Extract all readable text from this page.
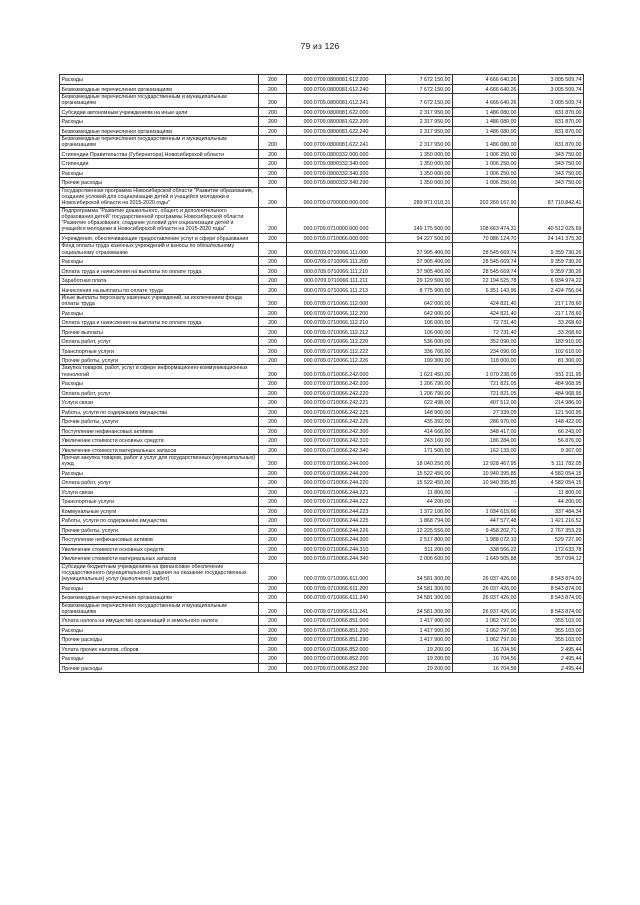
79 из 126
Расходы	200	000.0709.0800081.612.200	7 672 150,00	4 666 640,26	3 005 509,74
Безвозмездные перечисления организациям	200	000.0709.0800081.612.240	7 672 150,00	4 666 640,26	3 005 509,74
Безвозмездные перечисления государственным и муниципальным организациям	200	000.0709.0800081.612.241	7 672 150,00	4 666 640,26	3 005 509,74
Субсидии автономным учреждениям на иные цели	200	000.0709.0800081.622.000	2 317 950,00	1 486 080,00	831 870,00
Расходы	200	000.0709.0800081.622.200	2 317 950,00	1 486 080,00	831 870,00
Безвозмездные перечисления организациям	200	000.0709.0800081.622.240	2 317 950,00	1 486 080,00	831 870,00
Безвозмездные перечисления государственным и муниципальным организациям	200	000.0709.0800081.622.241	2 317 950,00	1 486 080,00	831 870,00
Стипендии Правительства (Губернатора) Новосибирской области	200	000.0709.0800332.000.000	1 350 000,00	1 006 250,00	343 750,00
Стипендии	200	000.0709.0800332.340.000	1 350 000,00	1 006 250,00	343 750,00
Расходы	200	000.0709.0800332.340.200	1 350 000,00	1 006 250,00	343 750,00
Прочие расходы	200	000.0709.0800332.340.290	1 350 000,00	1 006 250,00	343 750,00
Государственная программа Новосибирской области "Развитие образования, создание условий для социализации детей и учащейся молодежи в Новосибирской области на 2015-2020 годы"	200	000.0709.0700000.000.000	289 971 010,31	202 260 167,90	87 710 842,41
Подпрограмма "Развитие дошкольного, общего и дополнительного образования детей" государственной программы Новосибирской области "Развитие образования, создание условий для социализации детей и учащейся молодежи в Новосибирской области на 2015-2020 годы"	200	000.0709.0710000.000.000	149 175 500,00	108 663 474,31	40 512 025,69
Учреждения, обеспечивающие предоставление услуг в сфере образования	200	000.0709.0710066.000.000	94 227 500,00	70 086 124,70	24 141 375,30
Фонд оплаты труда казенных учреждений и взносы по обязательному социальному страхованию	200	000.0709.0710066.111.000	37 905 400,00	28 545 669,74	9 359 730,26
Расходы	200	000.0709.0710066.111.200	37 905 400,00	28 545 669,74	9 359 730,26
Оплата труда и начисления на выплаты по оплате труда	200	000.0709.0710066.111.210	37 905 400,00	28 545 669,74	9 359 730,26
Заработная плата	200	000.0709.0710066.111.211	29 129 500,00	22 194 525,78	6 934 974,22
Начисления на выплаты по оплате труда	200	000.0709.0710066.111.213	8 775 900,00	6 351 143,96	2 424 756,04
Иные выплаты персоналу казенных учреждений, за исключением фонда оплаты труда	200	000.0709.0710066.112.000	642 000,00	424 821,40	217 178,60
Расходы	200	000.0709.0710066.112.200	642 000,00	424 821,40	217 178,60
Оплата труда и начисления на выплаты по оплате труда	200	000.0709.0710066.112.210	106 000,00	72 731,40	33 268,60
Прочие выплаты	200	000.0709.0710066.112.212	106 000,00	72 731,40	33 268,60
Оплата работ, услуг	200	000.0709.0710066.112.220	536 000,00	352 090,00	183 910,00
Транспортные услуги	200	000.0709.0710066.112.222	336 700,00	234 090,00	102 610,00
Прочие работы, услуги	200	000.0709.0710066.112.226	199 300,00	118 000,00	81 300,00
Закупка товаров, работ, услуг в сфере информационно-коммуникационных технологий	200	000.0709.0710066.242.000	1 621 450,00	1 070 238,05	551 211,95
Расходы	200	000.0709.0710066.242.200	1 206 790,00	721 821,05	484 968,95
Оплата работ, услуг	200	000.0709.0710066.242.220	1 206 790,00	721 821,05	484 968,95
Услуги связи	200	000.0709.0710066.242.221	622 498,00	407 512,00	214 986,00
Работы, услуги по содержанию имущества	200	000.0709.0710066.242.225	148 900,00	27 339,05	121 560,95
Прочие работы, услуги	200	000.0709.0710066.242.226	435 392,00	286 970,00	148 422,00
Поступление нефинансовых активов	200	000.0709.0710066.242.300	414 660,00	348 417,00	66 243,00
Увеличение стоимости основных средств	200	000.0709.0710066.242.310	243 160,00	186 284,00	56 876,00
Увеличение стоимости материальных запасов	200	000.0709.0710066.242.340	171 500,00	162 133,00	9 367,00
Прочая закупка товаров, работ и услуг для государственных (муниципальных) нужд	200	000.0709.0710066.244.000	18 040 250,00	12 928 467,95	5 111 782,05
Расходы	200	000.0709.0710066.244.200	15 522 450,00	10 940 395,85	4 582 054,15
Оплата работ, услуг	200	000.0709.0710066.244.220	15 522 450,00	10 940 395,85	4 582 054,15
Услуги связи	200	000.0709.0710066.244.221	11 800,00	-	11 800,00
Транспортные услуги	200	000.0709.0710066.244.222	44 200,00	-	44 200,00
Коммунальные услуги	200	000.0709.0710066.244.223	1 372 100,00	1 034 615,66	337 484,34
Работы, услуги по содержанию имущества	200	000.0709.0710066.244.225	1 868 794,00	447 577,48	1 421 216,52
Прочие работы, услуги	200	000.0709.0710066.244.226	12 225 556,00	9 458 202,71	2 767 353,29
Поступление нефинансовых активов	200	000.0709.0710066.244.300	2 517 800,00	1 988 072,10	529 727,90
Увеличение стоимости основных средств	200	000.0709.0710066.244.310	511 200,00	338 566,22	172 633,78
Увеличение стоимости материальных запасов	200	000.0709.0710066.244.340	2 006 600,00	1 649 505,88	357 094,12
Субсидии бюджетным учреждениям на финансовое обеспечение государственного (муниципального) задания на оказание государственных (муниципальных) услуг (выполнение работ)	200	000.0709.0710066.611.000	34 581 300,00	26 037 426,00	8 543 874,00
Расходы	200	000.0709.0710066.611.200	34 581 300,00	26 037 426,00	8 543 874,00
Безвозмездные перечисления организациям	200	000.0709.0710066.611.240	34 581 300,00	26 037 426,00	8 543 874,00
Безвозмездные перечисления государственным и муниципальным организациям	200	000.0709.0710066.611.241	34 581 300,00	26 037 426,00	8 543 874,00
Уплата налога на имущество организаций и земельного налога	200	000.0709.0710066.851.000	1 417 900,00	1 062 797,00	355 103,00
Расходы	200	000.0709.0710066.851.200	1 417 900,00	1 062 797,00	355 103,00
Прочие расходы	200	000.0709.0710066.851.290	1 417 900,00	1 062 797,00	355 103,00
Уплата прочих налогов, сборов	200	000.0709.0710066.852.000	19 200,00	16 704,56	2 495,44
Расходы	200	000.0709.0710066.852.200	19 200,00	16 704,56	2 495,44
Прочие расходы	200	000.0709.0710066.852.290	19 200,00	16 704,56	2 495,44
